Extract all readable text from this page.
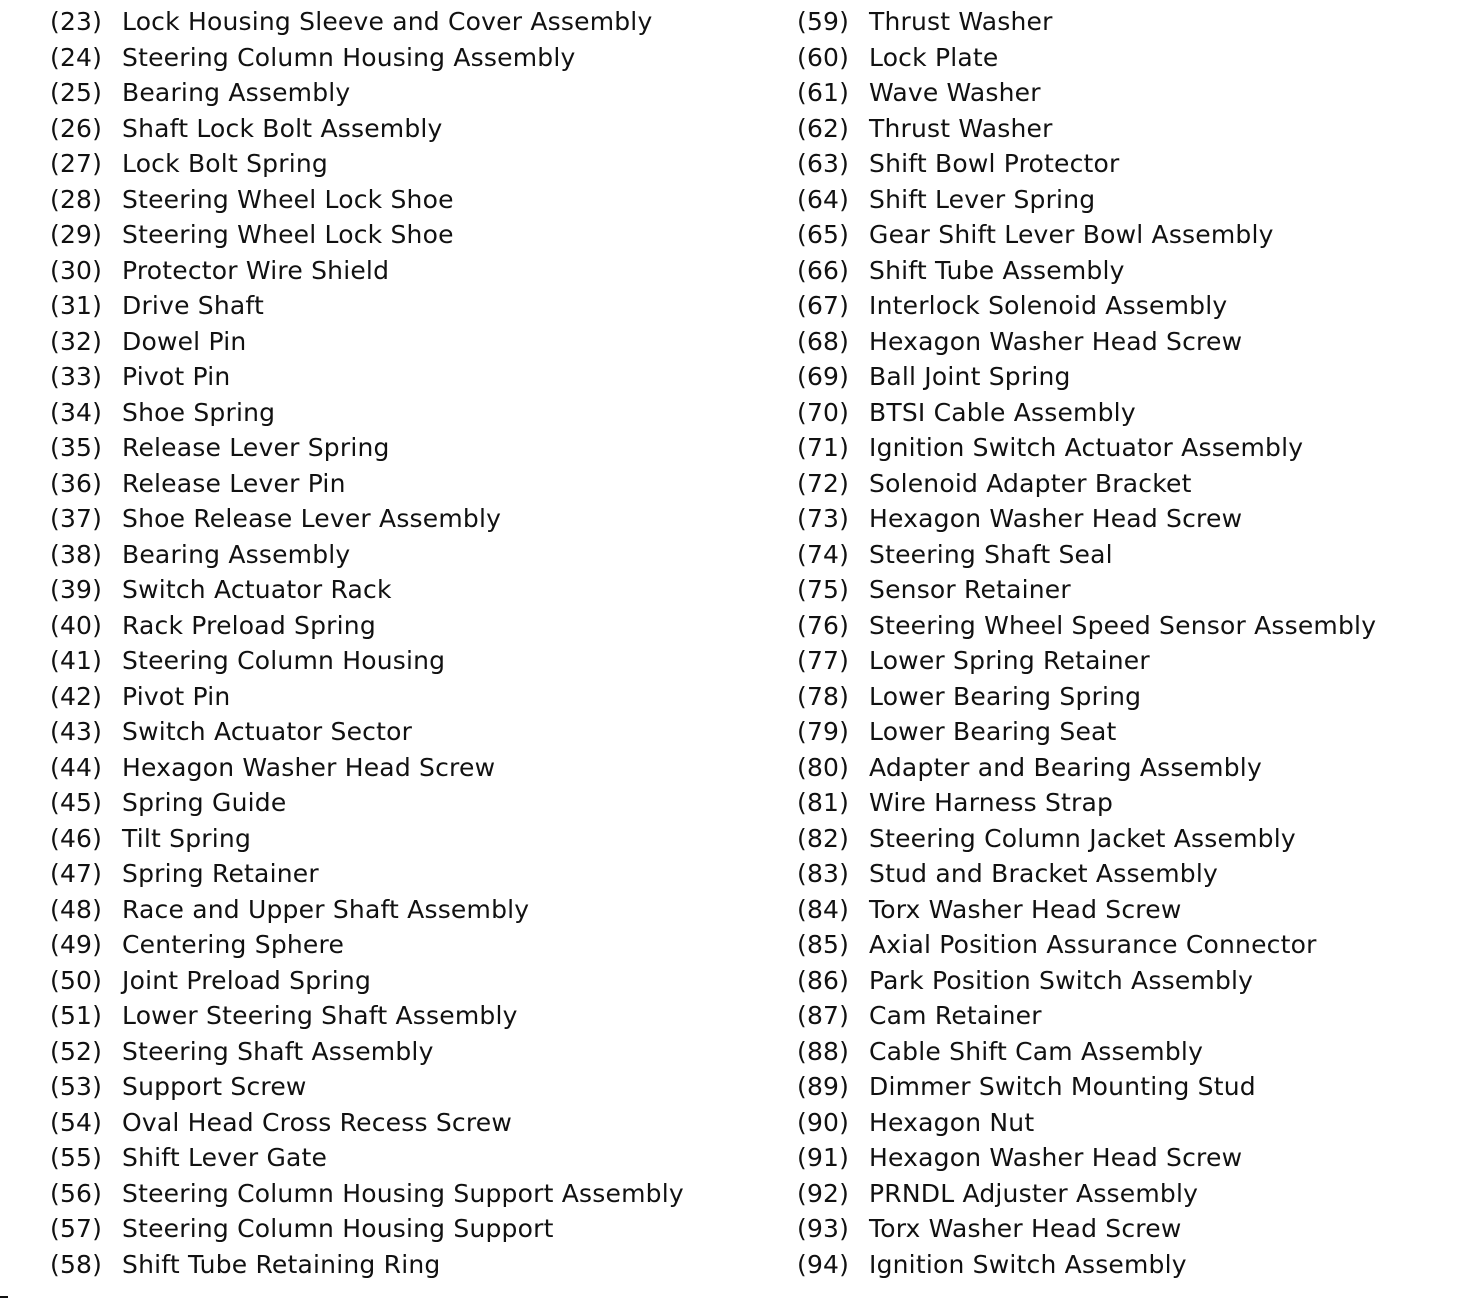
(23) Lock Housing Sleeve and Cover Assembly
(24) Steering Column Housing Assembly
(25) Bearing Assembly
(26) Shaft Lock Bolt Assembly
(27) Lock Bolt Spring
(28) Steering Wheel Lock Shoe
(29) Steering Wheel Lock Shoe
(30) Protector Wire Shield
(31) Drive Shaft
(32) Dowel Pin
(33) Pivot Pin
(34) Shoe Spring
(35) Release Lever Spring
(36) Release Lever Pin
(37) Shoe Release Lever Assembly
(38) Bearing Assembly
(39) Switch Actuator Rack
(40) Rack Preload Spring
(41) Steering Column Housing
(42) Pivot Pin
(43) Switch Actuator Sector
(44) Hexagon Washer Head Screw
(45) Spring Guide
(46) Tilt Spring
(47) Spring Retainer
(48) Race and Upper Shaft Assembly
(49) Centering Sphere
(50) Joint Preload Spring
(51) Lower Steering Shaft Assembly
(52) Steering Shaft Assembly
(53) Support Screw
(54) Oval Head Cross Recess Screw
(55) Shift Lever Gate
(56) Steering Column Housing Support Assembly
(57) Steering Column Housing Support
(58) Shift Tube Retaining Ring
(59) Thrust Washer
(60) Lock Plate
(61) Wave Washer
(62) Thrust Washer
(63) Shift Bowl Protector
(64) Shift Lever Spring
(65) Gear Shift Lever Bowl Assembly
(66) Shift Tube Assembly
(67) Interlock Solenoid Assembly
(68) Hexagon Washer Head Screw
(69) Ball Joint Spring
(70) BTSI Cable Assembly
(71) Ignition Switch Actuator Assembly
(72) Solenoid Adapter Bracket
(73) Hexagon Washer Head Screw
(74) Steering Shaft Seal
(75) Sensor Retainer
(76) Steering Wheel Speed Sensor Assembly
(77) Lower Spring Retainer
(78) Lower Bearing Spring
(79) Lower Bearing Seat
(80) Adapter and Bearing Assembly
(81) Wire Harness Strap
(82) Steering Column Jacket Assembly
(83) Stud and Bracket Assembly
(84) Torx Washer Head Screw
(85) Axial Position Assurance Connector
(86) Park Position Switch Assembly
(87) Cam Retainer
(88) Cable Shift Cam Assembly
(89) Dimmer Switch Mounting Stud
(90) Hexagon Nut
(91) Hexagon Washer Head Screw
(92) PRNDL Adjuster Assembly
(93) Torx Washer Head Screw
(94) Ignition Switch Assembly
